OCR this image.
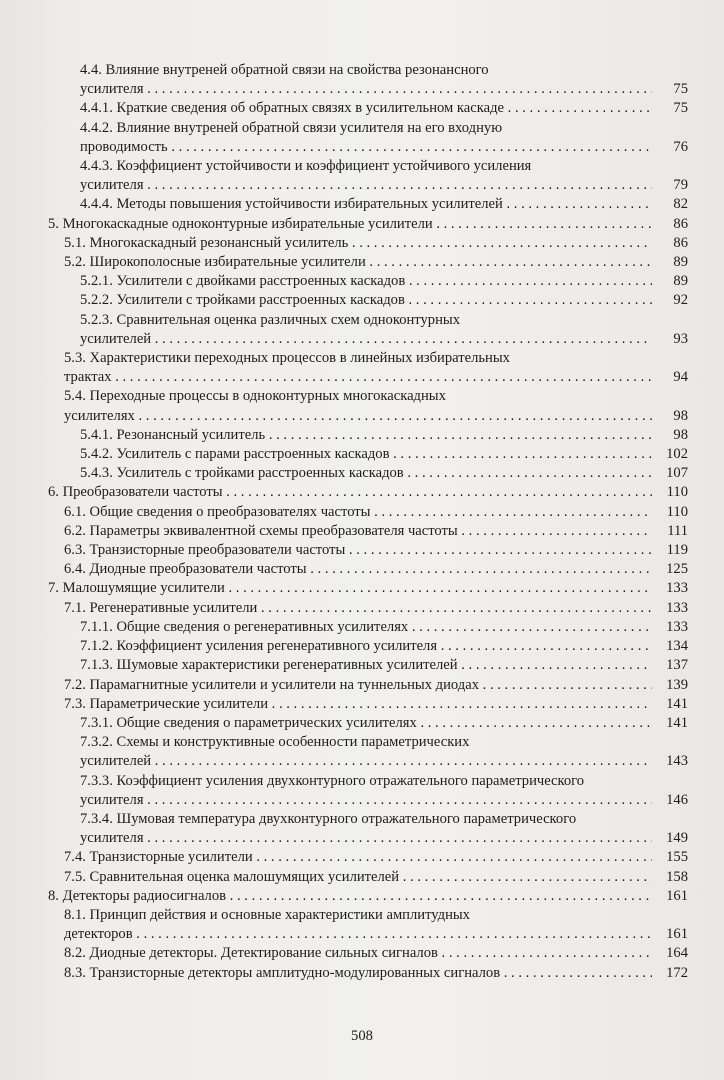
4.4. Влияние внутреней обратной связи на свойства резонансного усилителя . . .	75
4.4.1. Краткие сведения об обратных связях в усилительном каскаде . . .	75
4.4.2. Влияние внутреней обратной связи усилителя на его входную проводимость . . .	76
4.4.3. Коэффициент устойчивости и коэффициент устойчивого усиления усилителя . . .	79
4.4.4. Методы повышения устойчивости избирательных усилителей . . .	82
5. Многокаскадные одноконтурные избирательные усилители . . .	86
5.1. Многокаскадный резонансный усилитель . . .	86
5.2. Широкополосные избирательные усилители . . .	89
5.2.1. Усилители с двойками расстроенных каскадов . . .	89
5.2.2. Усилители с тройками расстроенных каскадов . . .	92
5.2.3. Сравнительная оценка различных схем одноконтурных усилителей . . .	93
5.3. Характеристики переходных процессов в линейных избирательных трактах . . .	94
5.4. Переходные процессы в одноконтурных многокаскадных усилителях . . .	98
5.4.1. Резонансный усилитель . . .	98
5.4.2. Усилитель с парами расстроенных каскадов . . .	102
5.4.3. Усилитель с тройками расстроенных каскадов . . .	107
6. Преобразователи частоты . . .	110
6.1. Общие сведения о преобразователях частоты . . .	110
6.2. Параметры эквивалентной схемы преобразователя частоты . . .	111
6.3. Транзисторные преобразователи частоты . . .	119
6.4. Диодные преобразователи частоты . . .	125
7. Малошумящие усилители . . .	133
7.1. Регенеративные усилители . . .	133
7.1.1. Общие сведения о регенеративных усилителях . . .	133
7.1.2. Коэффициент усиления регенеративного усилителя . . .	134
7.1.3. Шумовые характеристики регенеративных усилителей . . .	137
7.2. Парамагнитные усилители и усилители на туннельных диодах . . .	139
7.3. Параметрические усилители . . .	141
7.3.1. Общие сведения о параметрических усилителях . . .	141
7.3.2. Схемы и конструктивные особенности параметрических усилителей . . .	143
7.3.3. Коэффициент усиления двухконтурного отражательного параметрического усилителя . . .	146
7.3.4. Шумовая температура двухконтурного отражательного параметрического усилителя . . .	149
7.4. Транзисторные усилители . . .	155
7.5. Сравнительная оценка малошумящих усилителей . . .	158
8. Детекторы радиосигналов . . .	161
8.1. Принцип действия и основные характеристики амплитудных детекторов . . .	161
8.2. Диодные детекторы. Детектирование сильных сигналов . . .	164
8.3. Транзисторные детекторы амплитудно-модулированных сигналов . . .	172
508
